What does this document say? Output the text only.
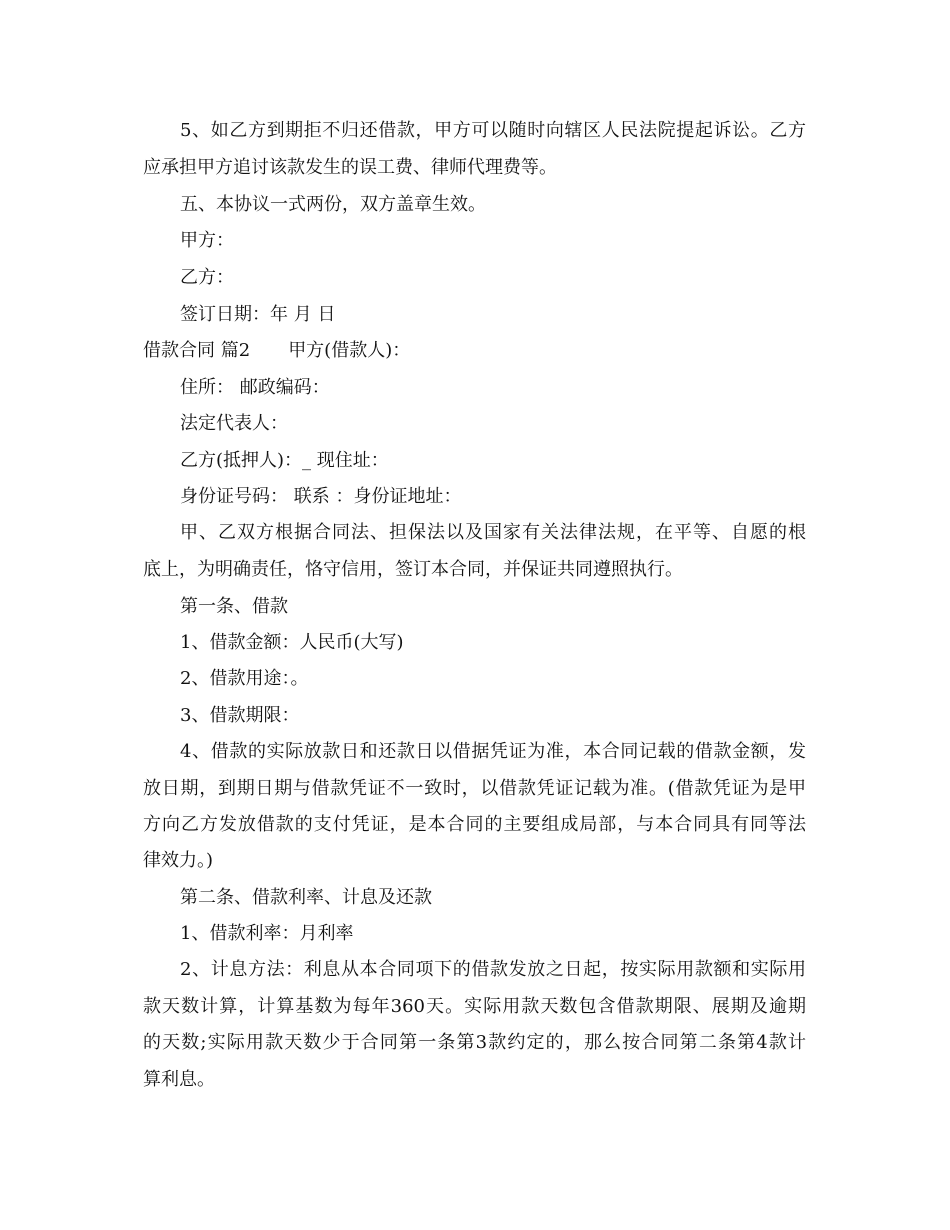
5、如乙方到期拒不归还借款，甲方可以随时向辖区人民法院提起诉讼。乙方
应承担甲方追讨该款发生的误工费、律师代理费等。
五、本协议一式两份，双方盖章生效。
甲方：
乙方：
签订日期：年 月 日
借款合同 篇2 甲方(借款人)：
住所： 邮政编码：
法定代表人：
乙方(抵押人)：_ 现住址：
身份证号码： 联系 ：身份证地址：
甲、乙双方根据合同法、担保法以及国家有关法律法规，在平等、自愿的根
底上，为明确责任，恪守信用，签订本合同，并保证共同遵照执行。
第一条、借款
1、借款金额：人民币(大写)
2、借款用途：。
3、借款期限：
4、借款的实际放款日和还款日以借据凭证为准，本合同记载的借款金额，发
放日期，到期日期与借款凭证不一致时，以借款凭证记载为准。(借款凭证为是甲
方向乙方发放借款的支付凭证，是本合同的主要组成局部，与本合同具有同等法
律效力。)
第二条、借款利率、计息及还款
1、借款利率：月利率
2、计息方法：利息从本合同项下的借款发放之日起，按实际用款额和实际用
款天数计算，计算基数为每年360天。实际用款天数包含借款期限、展期及逾期
的天数;实际用款天数少于合同第一条第3款约定的，那么按合同第二条第4款计
算利息。
